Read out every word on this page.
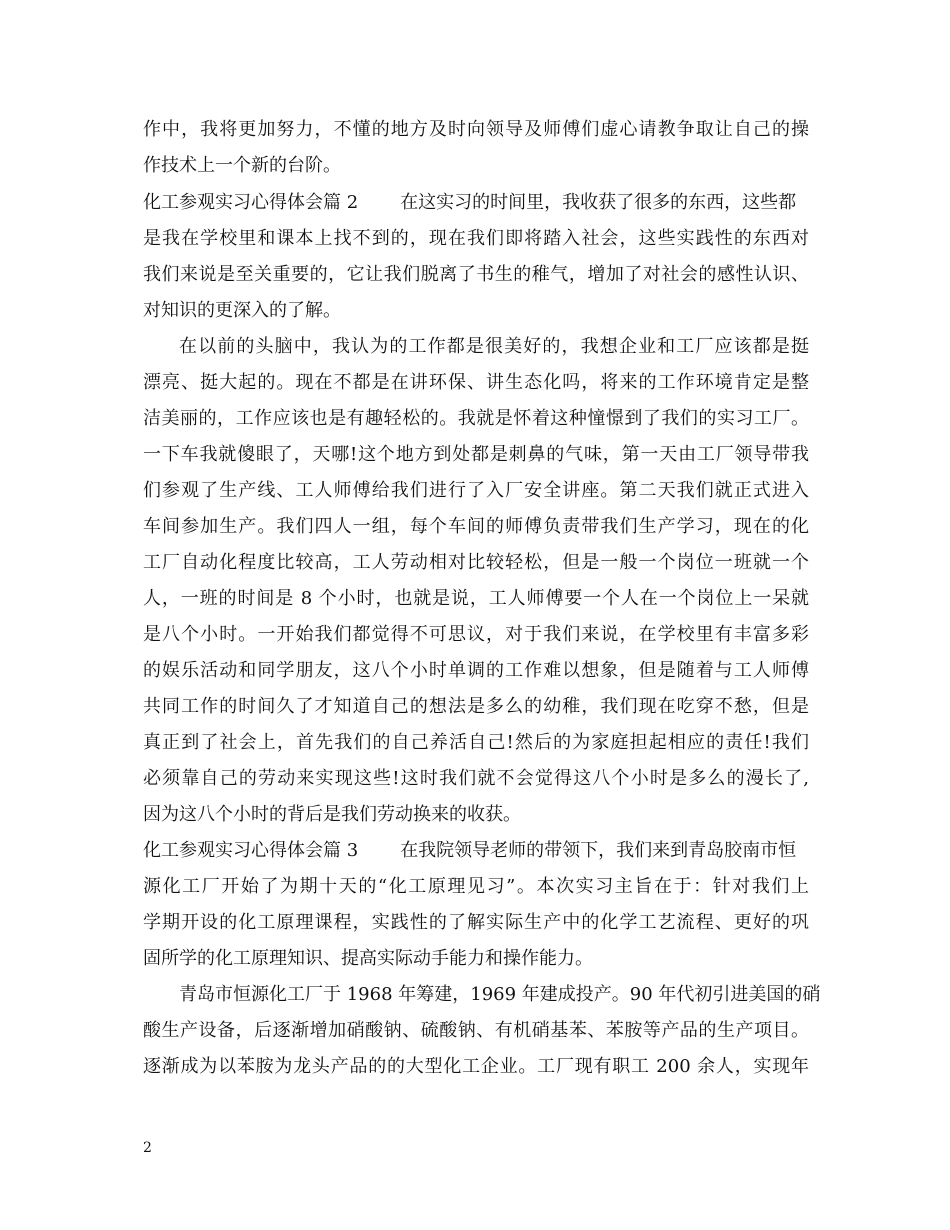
作中，我将更加努力，不懂的地方及时向领导及师傅们虚心请教争取让自己的操
作技术上一个新的台阶。
化工参观实习心得体会篇 2 在这实习的时间里，我收获了很多的东西，这些都
是我在学校里和课本上找不到的，现在我们即将踏入社会，这些实践性的东西对
我们来说是至关重要的，它让我们脱离了书生的稚气，增加了对社会的感性认识、
对知识的更深入的了解。
在以前的头脑中，我认为的工作都是很美好的，我想企业和工厂应该都是挺
漂亮、挺大起的。现在不都是在讲环保、讲生态化吗，将来的工作环境肯定是整
洁美丽的，工作应该也是有趣轻松的。我就是怀着这种憧憬到了我们的实习工厂。
一下车我就傻眼了，天哪!这个地方到处都是刺鼻的气味，第一天由工厂领导带我
们参观了生产线、工人师傅给我们进行了入厂安全讲座。第二天我们就正式进入
车间参加生产。我们四人一组，每个车间的师傅负责带我们生产学习，现在的化
工厂自动化程度比较高，工人劳动相对比较轻松，但是一般一个岗位一班就一个
人，一班的时间是 8 个小时，也就是说，工人师傅要一个人在一个岗位上一呆就
是八个小时。一开始我们都觉得不可思议，对于我们来说，在学校里有丰富多彩
的娱乐活动和同学朋友，这八个小时单调的工作难以想象，但是随着与工人师傅
共同工作的时间久了才知道自己的想法是多么的幼稚，我们现在吃穿不愁，但是
真正到了社会上，首先我们的自己养活自己!然后的为家庭担起相应的责任!我们
必须靠自己的劳动来实现这些!这时我们就不会觉得这八个小时是多么的漫长了,
因为这八个小时的背后是我们劳动换来的收获。
化工参观实习心得体会篇 3 在我院领导老师的带领下，我们来到青岛胶南市恒
源化工厂开始了为期十天的“化工原理见习”。本次实习主旨在于：针对我们上
学期开设的化工原理课程，实践性的了解实际生产中的化学工艺流程、更好的巩
固所学的化工原理知识、提高实际动手能力和操作能力。
青岛市恒源化工厂于 1968 年筹建，1969 年建成投产。90 年代初引进美国的硝
酸生产设备，后逐渐增加硝酸钠、硫酸钠、有机硝基苯、苯胺等产品的生产项目。
逐渐成为以苯胺为龙头产品的的大型化工企业。工厂现有职工 200 余人，实现年
2
